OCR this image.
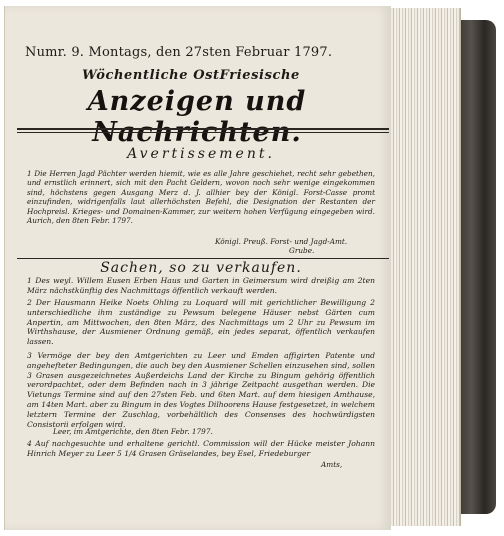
Numr. 9. Montags, den 27sten Februar 1797.
Wöchentliche OstFriesische
Anzeigen und Nachrichten.
Avertissement.
1 Die Herren Jagd Pächter werden hiemit, wie es alle Jahre geschiehet, recht sehr gebethen, und ernstlich erinnert, sich mit den Pacht Geldern, wovon noch sehr wenige eingekommen sind, höchstens gegen Ausgang Merz d. J. allhier bey der Königl. Forst-Casse promt einzufinden, widrigenfalls laut allerhöchsten Befehl, die Designation der Restanten der Hochpreisl. Krieges- und Domainen-Kammer, zur weitern hohen Verfügung eingegeben wird. Aurich, den 8ten Febr. 1797.
Königl. Preuß. Forst- und Jagd-Amt.
Grube.
Sachen, so zu verkaufen.
1 Des weyl. Willem Eusen Erben Haus und Garten in Geimersum wird dreißig am 2ten März nächstkünftig des Nachmittags öffentlich verkauft werden.
2 Der Hausmann Heike Noets Ohling zu Loquard will mit gerichtlicher Bewilligung 2 unterschiedliche ihm zuständige zu Pewsum belegene Häuser nebst Gärten cum Anpertin, am Mittwochen, den 8ten März, des Nachmittags um 2 Uhr zu Pewsum im Wirthshause, der Ausmiener Ordnung gemäß, ein jedes separat, öffentlich verkaufen lassen.
3 Vermöge der bey den Amtgerichten zu Leer und Emden affigirten Patente und angehefteter Bedingungen, die auch bey den Ausmiener Schellen einzusehen sind, sollen 3 Grasen ausgezeichnetes Außerdeichs Land der Kirche zu Bingum gehörig öffentlich verordpachtet, oder dem Befinden nach in 3 jährige Zeitpacht ausgethan werden. Die Vietungs Termine sind auf den 27sten Feb. und 6ten Mart. auf dem hiesigen Amthause, am 14ten Mart. aber zu Bingum in des Vogtes Dilhoorens Hause festgesetzet, in welchem letztern Termine der Zuschlag, vorbehältlich des Consenses des hochwürdigsten Consistorii erfolgen wird.
Leer, im Amtgerichte, den 8ten Febr. 1797.
4 Auf nachgesuchte und erhaltene gerichtl. Commission will der Hücke meister Johann Hinrich Meyer zu Leer 5 1/4 Grasen Gräselandes, bey Esel, Friedeburger
Amts,
